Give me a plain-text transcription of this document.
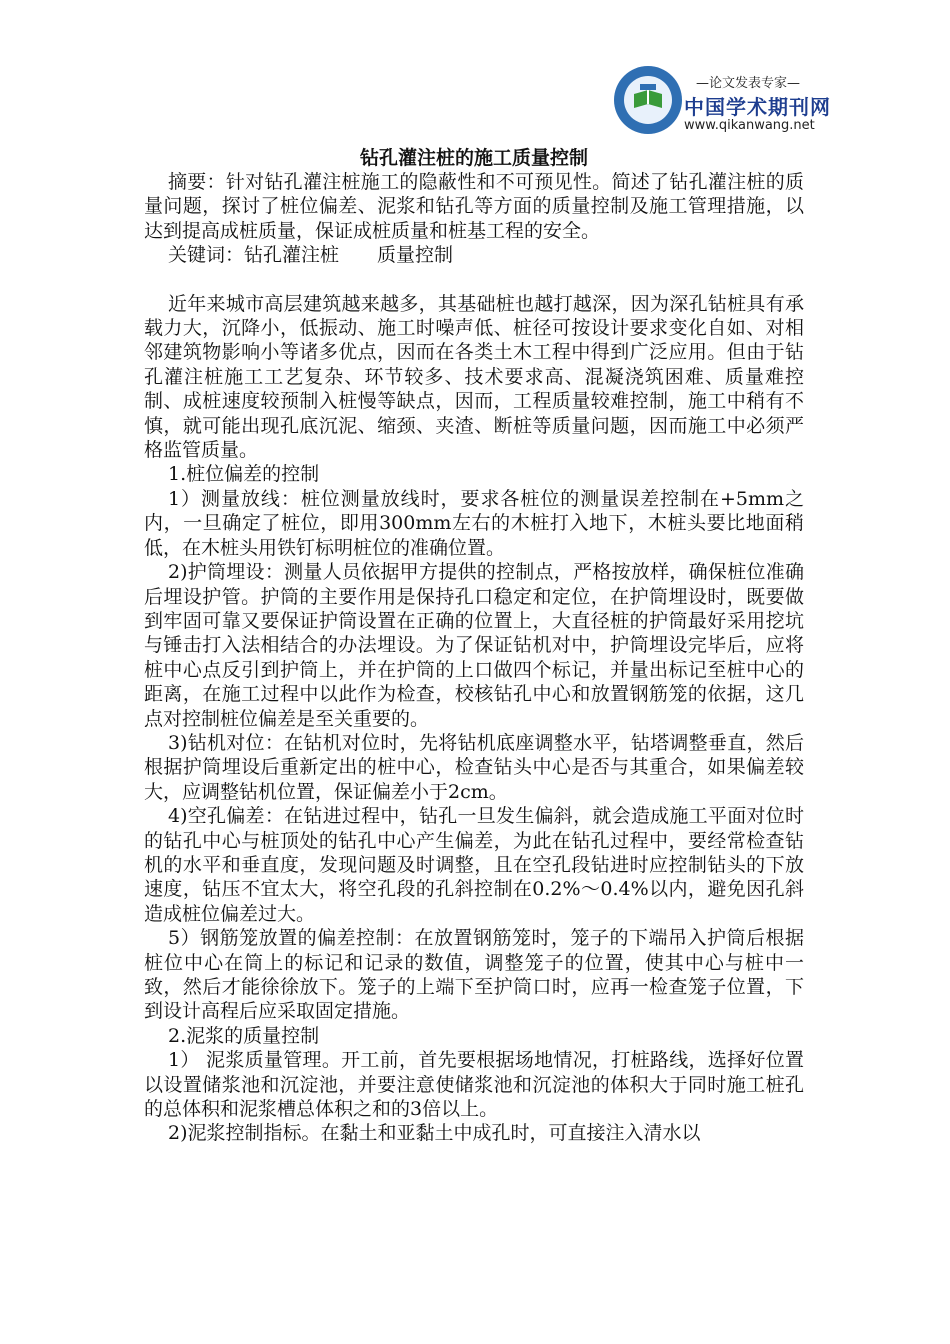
—论文发表专家—
中国学术期刊网
www.qikanwang.net
钻孔灌注桩的施工质量控制

摘要：针对钻孔灌注桩施工的隐蔽性和不可预见性。简述了钻孔灌注桩的质量问题，探讨了桩位偏差、泥浆和钻孔等方面的质量控制及施工管理措施，以达到提高成桩质量，保证成桩质量和桩基工程的安全。

关键词：钻孔灌注桩　　质量控制

近年来城市高层建筑越来越多，其基础桩也越打越深，因为深孔钻桩具有承载力大，沉降小，低振动、施工时噪声低、桩径可按设计要求变化自如、对相邻建筑物影响小等诸多优点，因而在各类土木工程中得到广泛应用。但由于钻孔灌注桩施工工艺复杂、环节较多、技术要求高、混凝浇筑困难、质量难控制、成桩速度较预制入桩慢等缺点，因而，工程质量较难控制，施工中稍有不慎，就可能出现孔底沉泥、缩颈、夹渣、断桩等质量问题，因而施工中必须严格监管质量。

1.桩位偏差的控制

1）测量放线：桩位测量放线时，要求各桩位的测量误差控制在+5mm之内，一旦确定了桩位，即用300mm左右的木桩打入地下，木桩头要比地面稍低，在木桩头用铁钉标明桩位的准确位置。

2)护筒埋设：测量人员依据甲方提供的控制点，严格按放样，确保桩位准确后埋设护管。护筒的主要作用是保持孔口稳定和定位，在护筒埋设时，既要做到牢固可靠又要保证护筒设置在正确的位置上，大直径桩的护筒最好采用挖坑与锤击打入法相结合的办法埋设。为了保证钻机对中，护筒埋设完毕后，应将桩中心点反引到护筒上，并在护筒的上口做四个标记，并量出标记至桩中心的距离，在施工过程中以此作为检查，校核钻孔中心和放置钢筋笼的依据，这几点对控制桩位偏差是至关重要的。

3)钻机对位：在钻机对位时，先将钻机底座调整水平，钻塔调整垂直，然后根据护筒埋设后重新定出的桩中心，检查钻头中心是否与其重合，如果偏差较大，应调整钻机位置，保证偏差小于2cm。

4)空孔偏差：在钻进过程中，钻孔一旦发生偏斜，就会造成施工平面对位时的钻孔中心与桩顶处的钻孔中心产生偏差，为此在钻孔过程中，要经常检查钻机的水平和垂直度，发现问题及时调整，且在空孔段钻进时应控制钻头的下放速度，钻压不宜太大，将空孔段的孔斜控制在0.2%～0.4%以内，避免因孔斜造成桩位偏差过大。

5）钢筋笼放置的偏差控制：在放置钢筋笼时，笼子的下端吊入护筒后根据桩位中心在筒上的标记和记录的数值，调整笼子的位置，使其中心与桩中一致，然后才能徐徐放下。笼子的上端下至护筒口时，应再一检查笼子位置，下到设计高程后应采取固定措施。

2.泥浆的质量控制

1） 泥浆质量管理。开工前，首先要根据场地情况，打桩路线，选择好位置以设置储浆池和沉淀池，并要注意使储浆池和沉淀池的体积大于同时施工桩孔的总体积和泥浆槽总体积之和的3倍以上。

2)泥浆控制指标。在黏土和亚黏土中成孔时，可直接注入清水以
